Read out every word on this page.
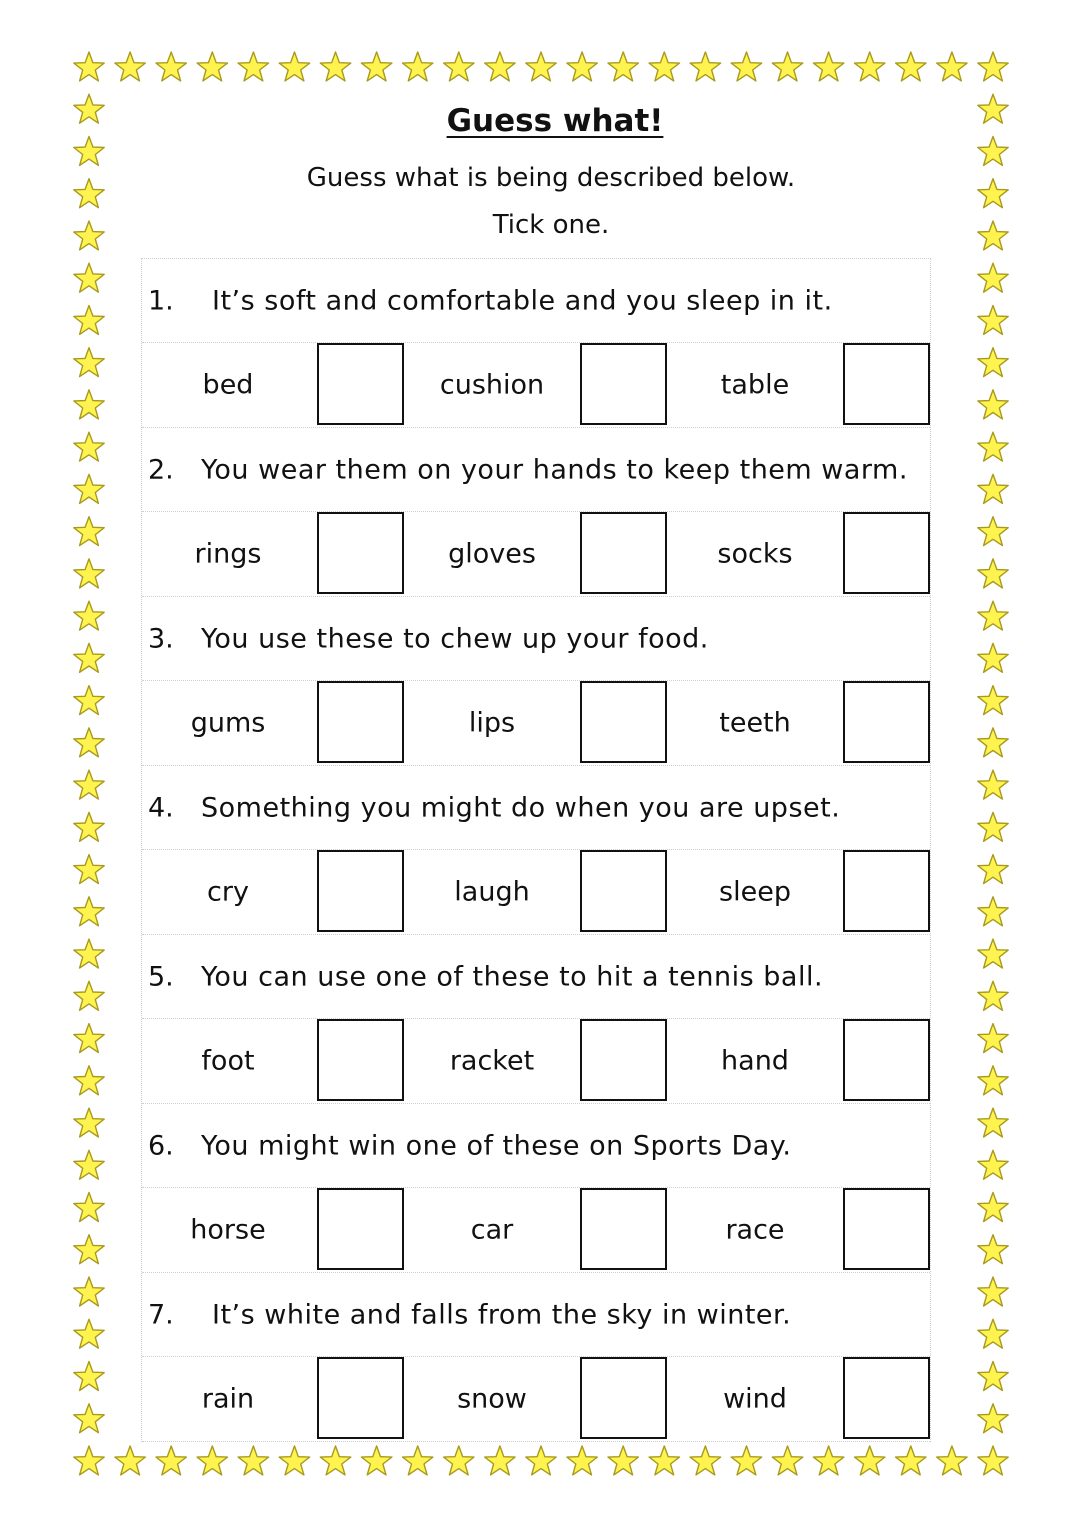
Guess what!

Guess what is being described below.

Tick one.

1. It’s soft and comfortable and you sleep in it.
bed	cushion	table
2. You wear them on your hands to keep them warm.
rings	gloves	socks
3. You use these to chew up your food.
gums	lips	teeth
4. Something you might do when you are upset.
cry	laugh	sleep
5. You can use one of these to hit a tennis ball.
foot	racket	hand
6. You might win one of these on Sports Day.
horse	car	race
7. It’s white and falls from the sky in winter.
rain	snow	wind
